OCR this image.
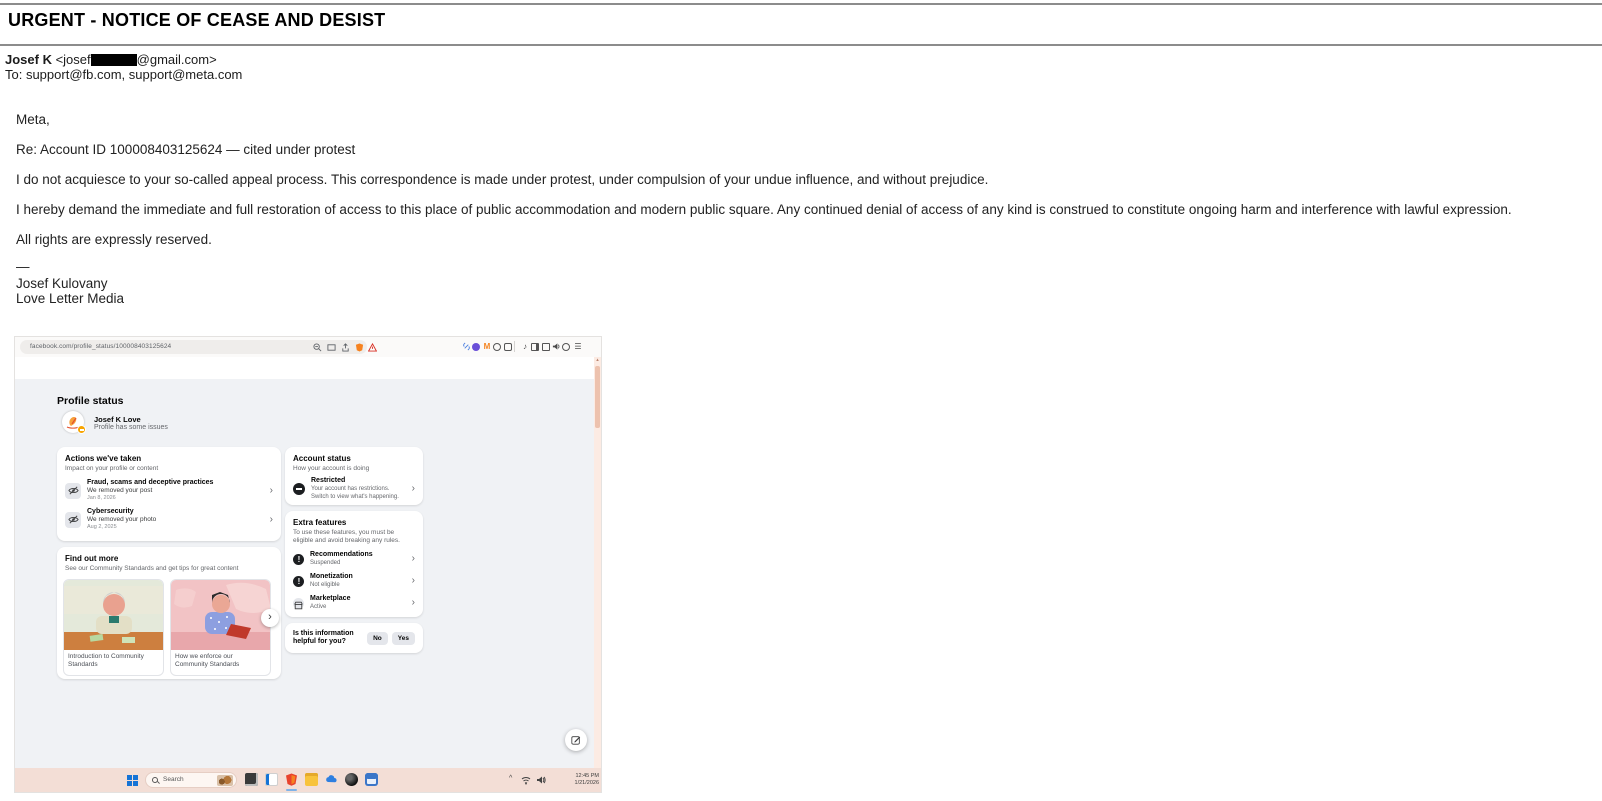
URGENT - NOTICE OF CEASE AND DESIST
Josef K <josef	@gmail.com>
To: support@fb.com, support@meta.com
Meta,
Re: Account ID 100008403125624 — cited under protest
I do not acquiesce to your so-called appeal process. This correspondence is made under protest, under compulsion of your undue influence, and without prejudice.
I hereby demand the immediate and full restoration of access to this place of public accommodation and modern public square. Any continued denial of access of any kind is construed to constitute ongoing harm and interference with lawful expression.
All rights are expressly reserved.
—
Josef Kulovany
Love Letter Media
facebook.com/profile_status/100008403125624	M	♪	☰
Profile status
Josef K Love
Profile has some issues
Actions we've taken
Impact on your profile or content
Fraud, scams and deceptive practices
We removed your post
Jan 8, 2026
›
Cybersecurity
We removed your photo
Aug 2, 2025
›
Find out more
See our Community Standards and get tips for great content
Introduction to Community Standards
How we enforce our Community Standards
›
Account status
How your account is doing
Restricted
Your account has restrictions. Switch to view what's happening.
›
Extra features
To use these features, you must be eligible and avoid breaking any rules.
!
Recommendations
Suspended	›
!
Monetization
Not eligible	›
Marketplace
Active	›
Is this information helpful for you?	No	Yes
▴
Search	^	12:45 PM
1/21/2026
